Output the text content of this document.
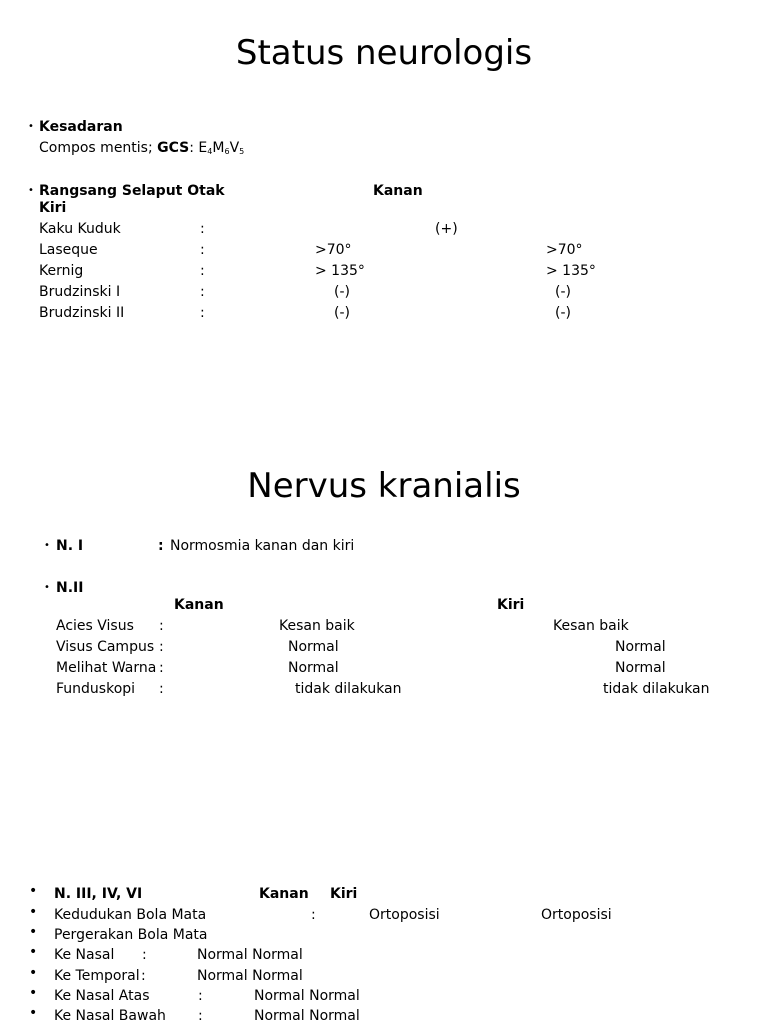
Status neurologis
• Kesadaran
Compos mentis; GCS: $E_4M_6V_5$
• Rangsang Selaput Otak	Kanan
Kiri
Kaku Kuduk	:	(+)
Laseque	:	>70°	>70°
Kernig	:	> 135°	> 135°
Brudzinski I	:	(-)	(-)
Brudzinski II	:	(-)	(-)
Nervus kranialis
• N. I	: Normosmia kanan dan kiri
• N.II
Kanan	Kiri
Acies Visus :	Kesan baik	Kesan baik
Visus Campus :	Normal	Normal
Melihat Warna :	Normal	Normal
Funduskopi :	tidak dilakukan	tidak dilakukan
• N. III, IV, VI	Kanan Kiri
• Kedudukan Bola Mata	:	Ortoposisi	Ortoposisi
• Pergerakan Bola Mata
• Ke Nasal :	Normal Normal
• Ke Temporal :	Normal Normal
• Ke Nasal Atas	:	Normal Normal
• Ke Nasal Bawah :	Normal Normal
